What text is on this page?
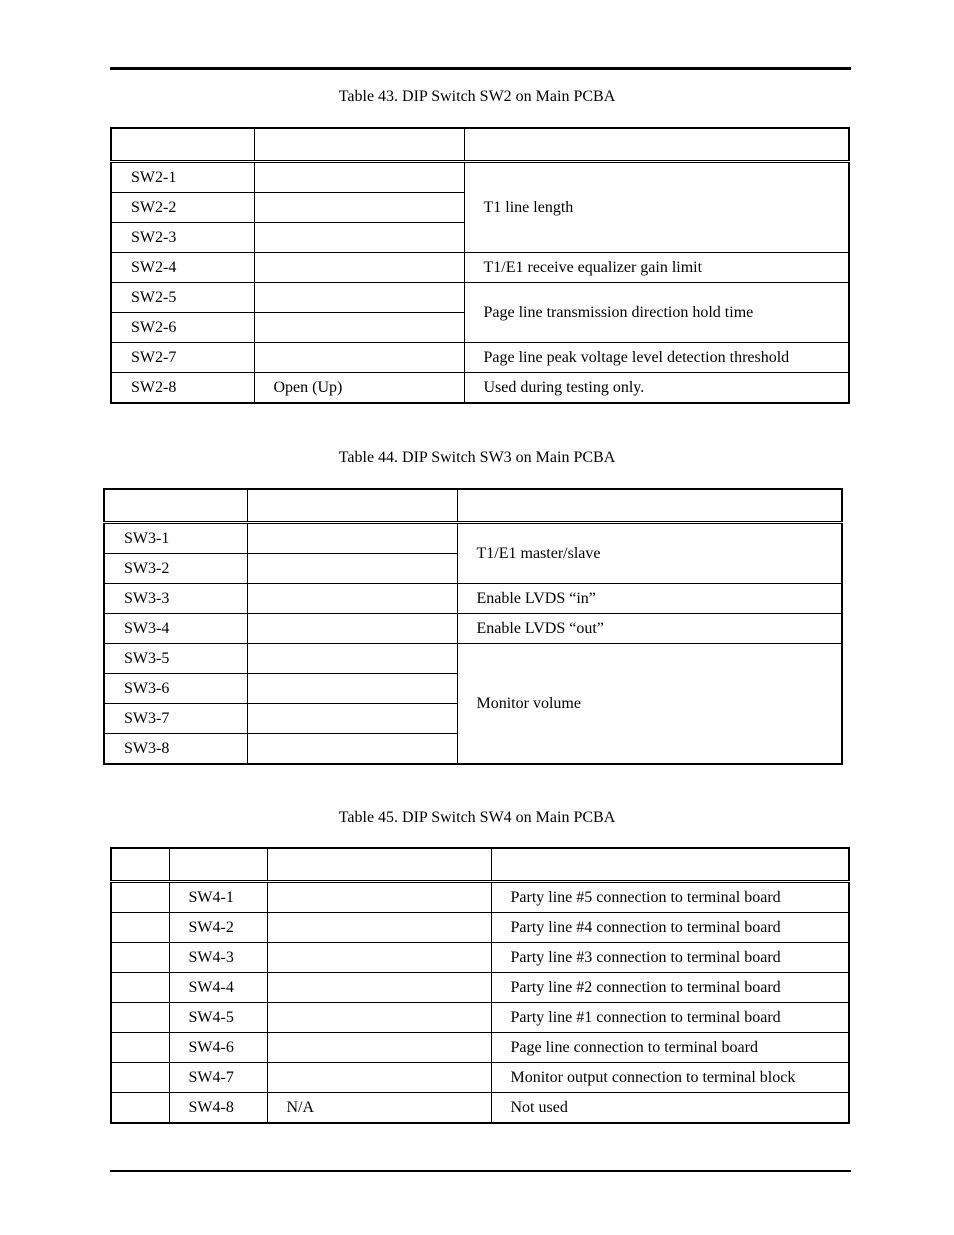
Table 43. DIP Switch SW2 on Main PCBA

SW2-1		T1 line length
SW2-2		
SW2-3		
SW2-4		T1/E1 receive equalizer gain limit
SW2-5		Page line transmission direction hold time
SW2-6		
SW2-7		Page line peak voltage level detection threshold
SW2-8	Open (Up)	Used during testing only.
Table 44. DIP Switch SW3 on Main PCBA

SW3-1		T1/E1 master/slave
SW3-2		
SW3-3		Enable LVDS “in”
SW3-4		Enable LVDS “out”
SW3-5		Monitor volume
SW3-6		
SW3-7		
SW3-8		
Table 45. DIP Switch SW4 on Main PCBA

	SW4-1		Party line #5 connection to terminal board
	SW4-2		Party line #4 connection to terminal board
	SW4-3		Party line #3 connection to terminal board
	SW4-4		Party line #2 connection to terminal board
	SW4-5		Party line #1 connection to terminal board
	SW4-6		Page line connection to terminal board
	SW4-7		Monitor output connection to terminal block
	SW4-8	N/A	Not used
